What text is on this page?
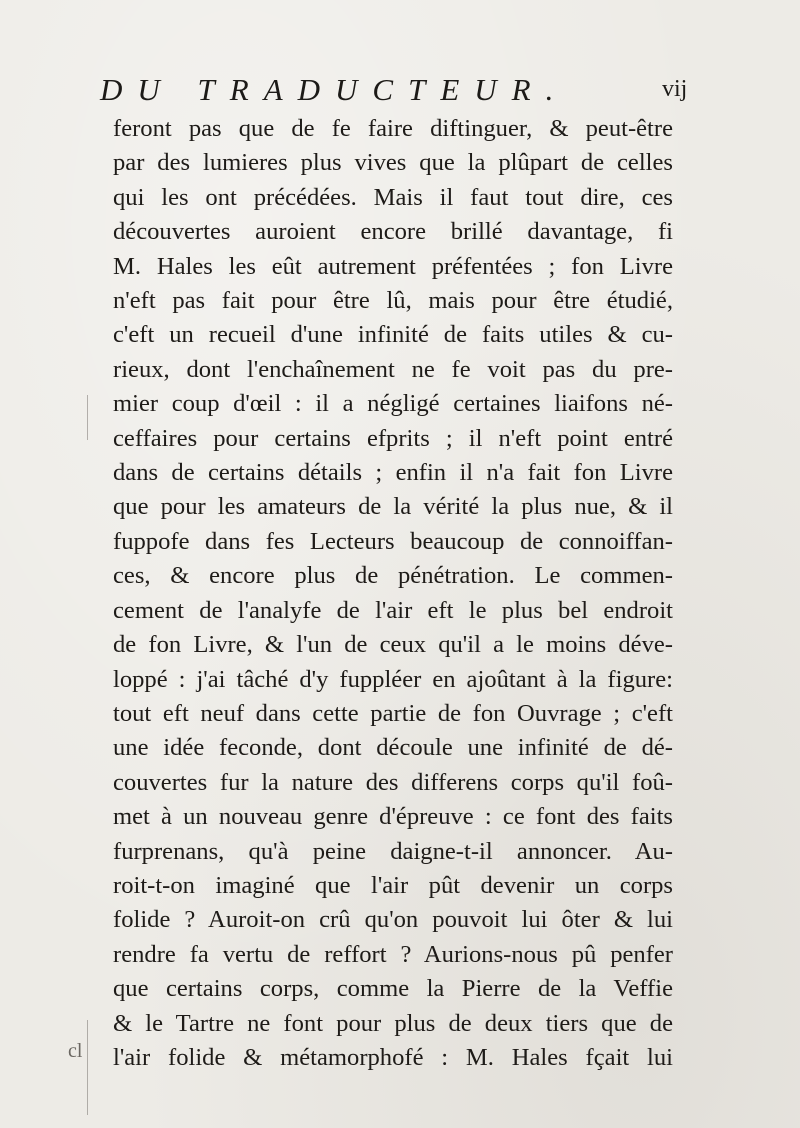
DU TRADUCTEUR.	vij
cl
feront pas que de fe faire diftinguer, & peut-être
par des lumieres plus vives que la plûpart de celles
qui les ont précédées. Mais il faut tout dire, ces
découvertes auroient encore brillé davantage, fi
M. Hales les eût autrement préfentées ; fon Livre
n'eft pas fait pour être lû, mais pour être étudié,
c'eft un recueil d'une infinité de faits utiles & cu-
rieux, dont l'enchaînement ne fe voit pas du pre-
mier coup d'œil : il a négligé certaines liaifons né-
ceffaires pour certains efprits ; il n'eft point entré
dans de certains détails ; enfin il n'a fait fon Livre
que pour les amateurs de la vérité la plus nue, & il
fuppofe dans fes Lecteurs beaucoup de connoiffan-
ces, & encore plus de pénétration. Le commen-
cement de l'analyfe de l'air eft le plus bel endroit
de fon Livre, & l'un de ceux qu'il a le moins déve-
loppé : j'ai tâché d'y fuppléer en ajoûtant à la figure:
tout eft neuf dans cette partie de fon Ouvrage ; c'eft
une idée feconde, dont découle une infinité de dé-
couvertes fur la nature des differens corps qu'il foû-
met à un nouveau genre d'épreuve : ce font des faits
furprenans, qu'à peine daigne-t-il annoncer. Au-
roit-t-on imaginé que l'air pût devenir un corps
folide ? Auroit-on crû qu'on pouvoit lui ôter & lui
rendre fa vertu de reffort ? Aurions-nous pû penfer
que certains corps, comme la Pierre de la Veffie
& le Tartre ne font pour plus de deux tiers que de
l'air folide & métamorphofé : M. Hales fçait lui
